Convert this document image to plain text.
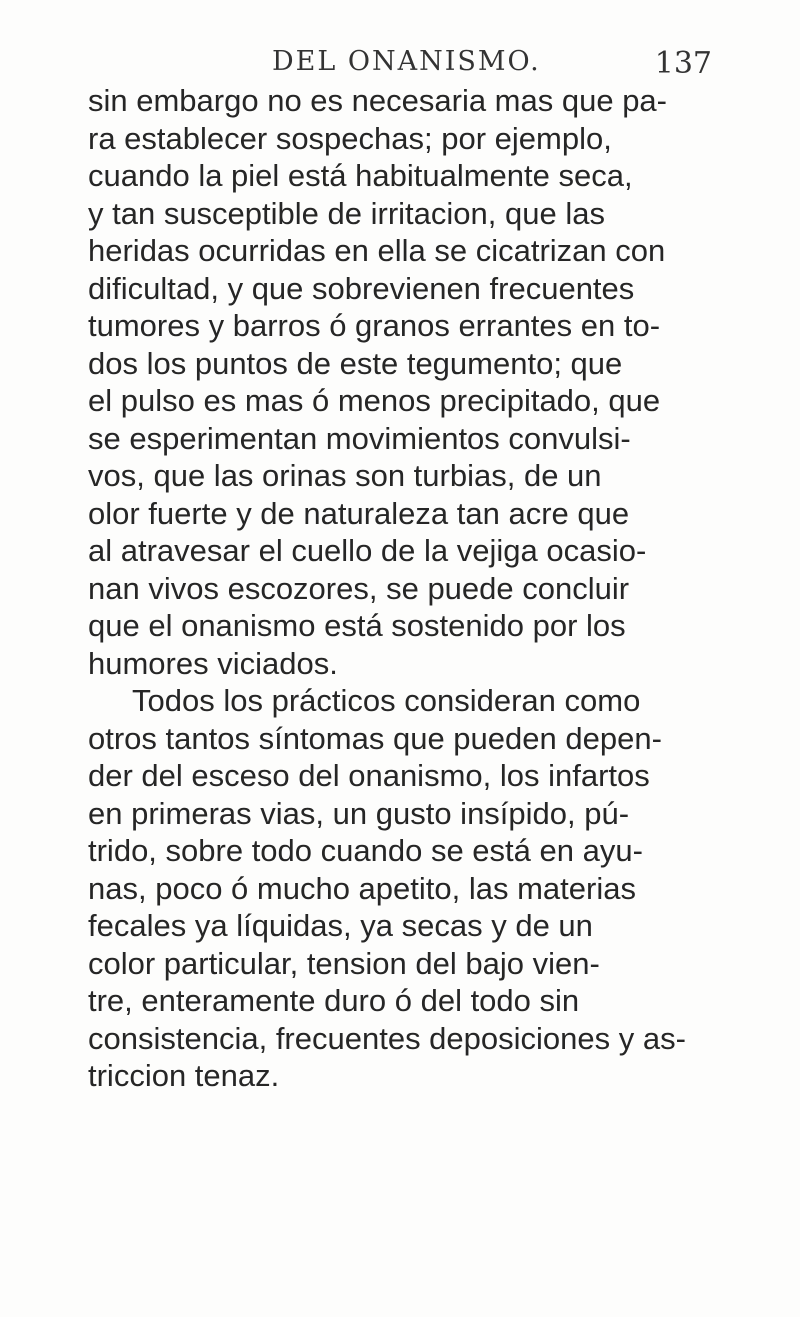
DEL ONANISMO.	137
sin embargo no es necesaria mas que pa-
ra establecer sospechas; por ejemplo,
cuando la piel está habitualmente seca,
y tan susceptible de irritacion, que las
heridas ocurridas en ella se cicatrizan con
dificultad, y que sobrevienen frecuentes
tumores y barros ó granos errantes en to-
dos los puntos de este tegumento; que
el pulso es mas ó menos precipitado, que
se esperimentan movimientos convulsi-
vos, que las orinas son turbias, de un
olor fuerte y de naturaleza tan acre que
al atravesar el cuello de la vejiga ocasio-
nan vivos escozores, se puede concluir
que el onanismo está sostenido por los
humores viciados.
Todos los prácticos consideran como
otros tantos síntomas que pueden depen-
der del esceso del onanismo, los infartos
en primeras vias, un gusto insípido, pú-
trido, sobre todo cuando se está en ayu-
nas, poco ó mucho apetito, las materias
fecales ya líquidas, ya secas y de un
color particular, tension del bajo vien-
tre, enteramente duro ó del todo sin
consistencia, frecuentes deposiciones y as-
triccion tenaz.
